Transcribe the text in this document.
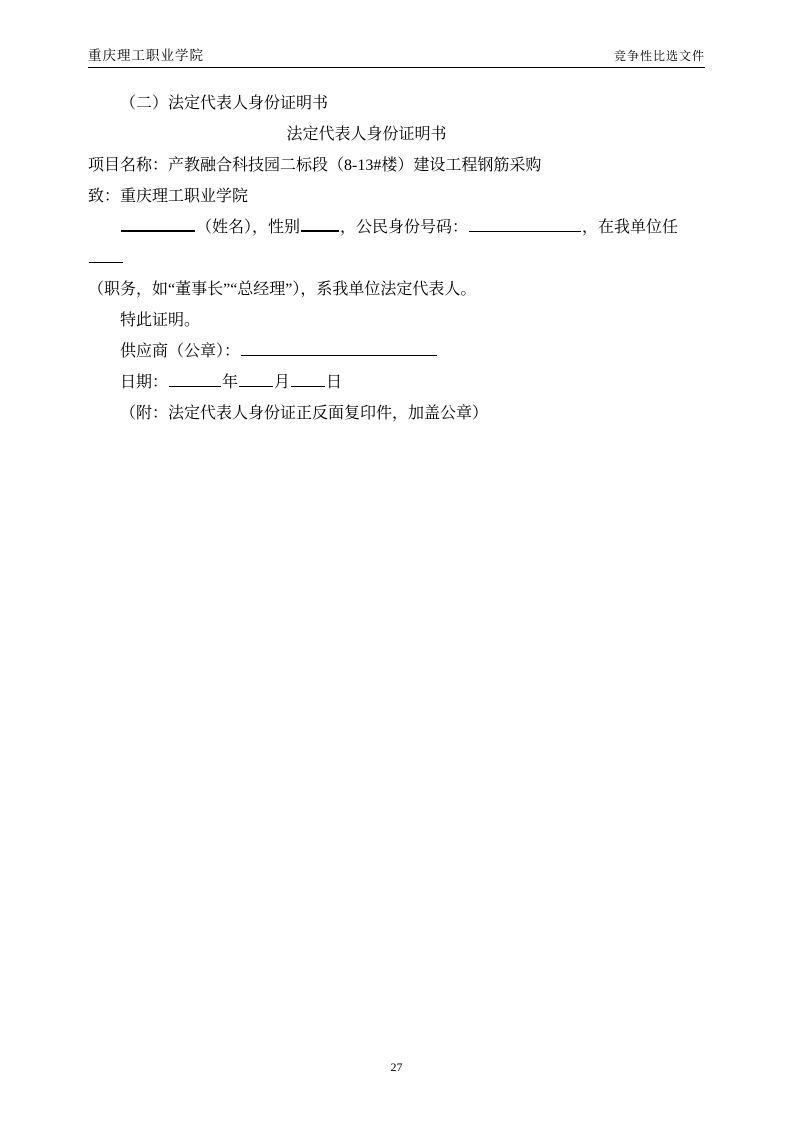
重庆理工职业学院	竞争性比选文件
（二）法定代表人身份证明书
法定代表人身份证明书
项目名称：产教融合科技园二标段（8-13#楼）建设工程钢筋采购
致：重庆理工职业学院
（姓名），性别	，公民身份号码：	，在我单位任
（职务，如“董事长”“总经理”），系我单位法定代表人。
特此证明。
供应商（公章）：
日期：	年 月 日
（附：法定代表人身份证正反面复印件，加盖公章）
27
